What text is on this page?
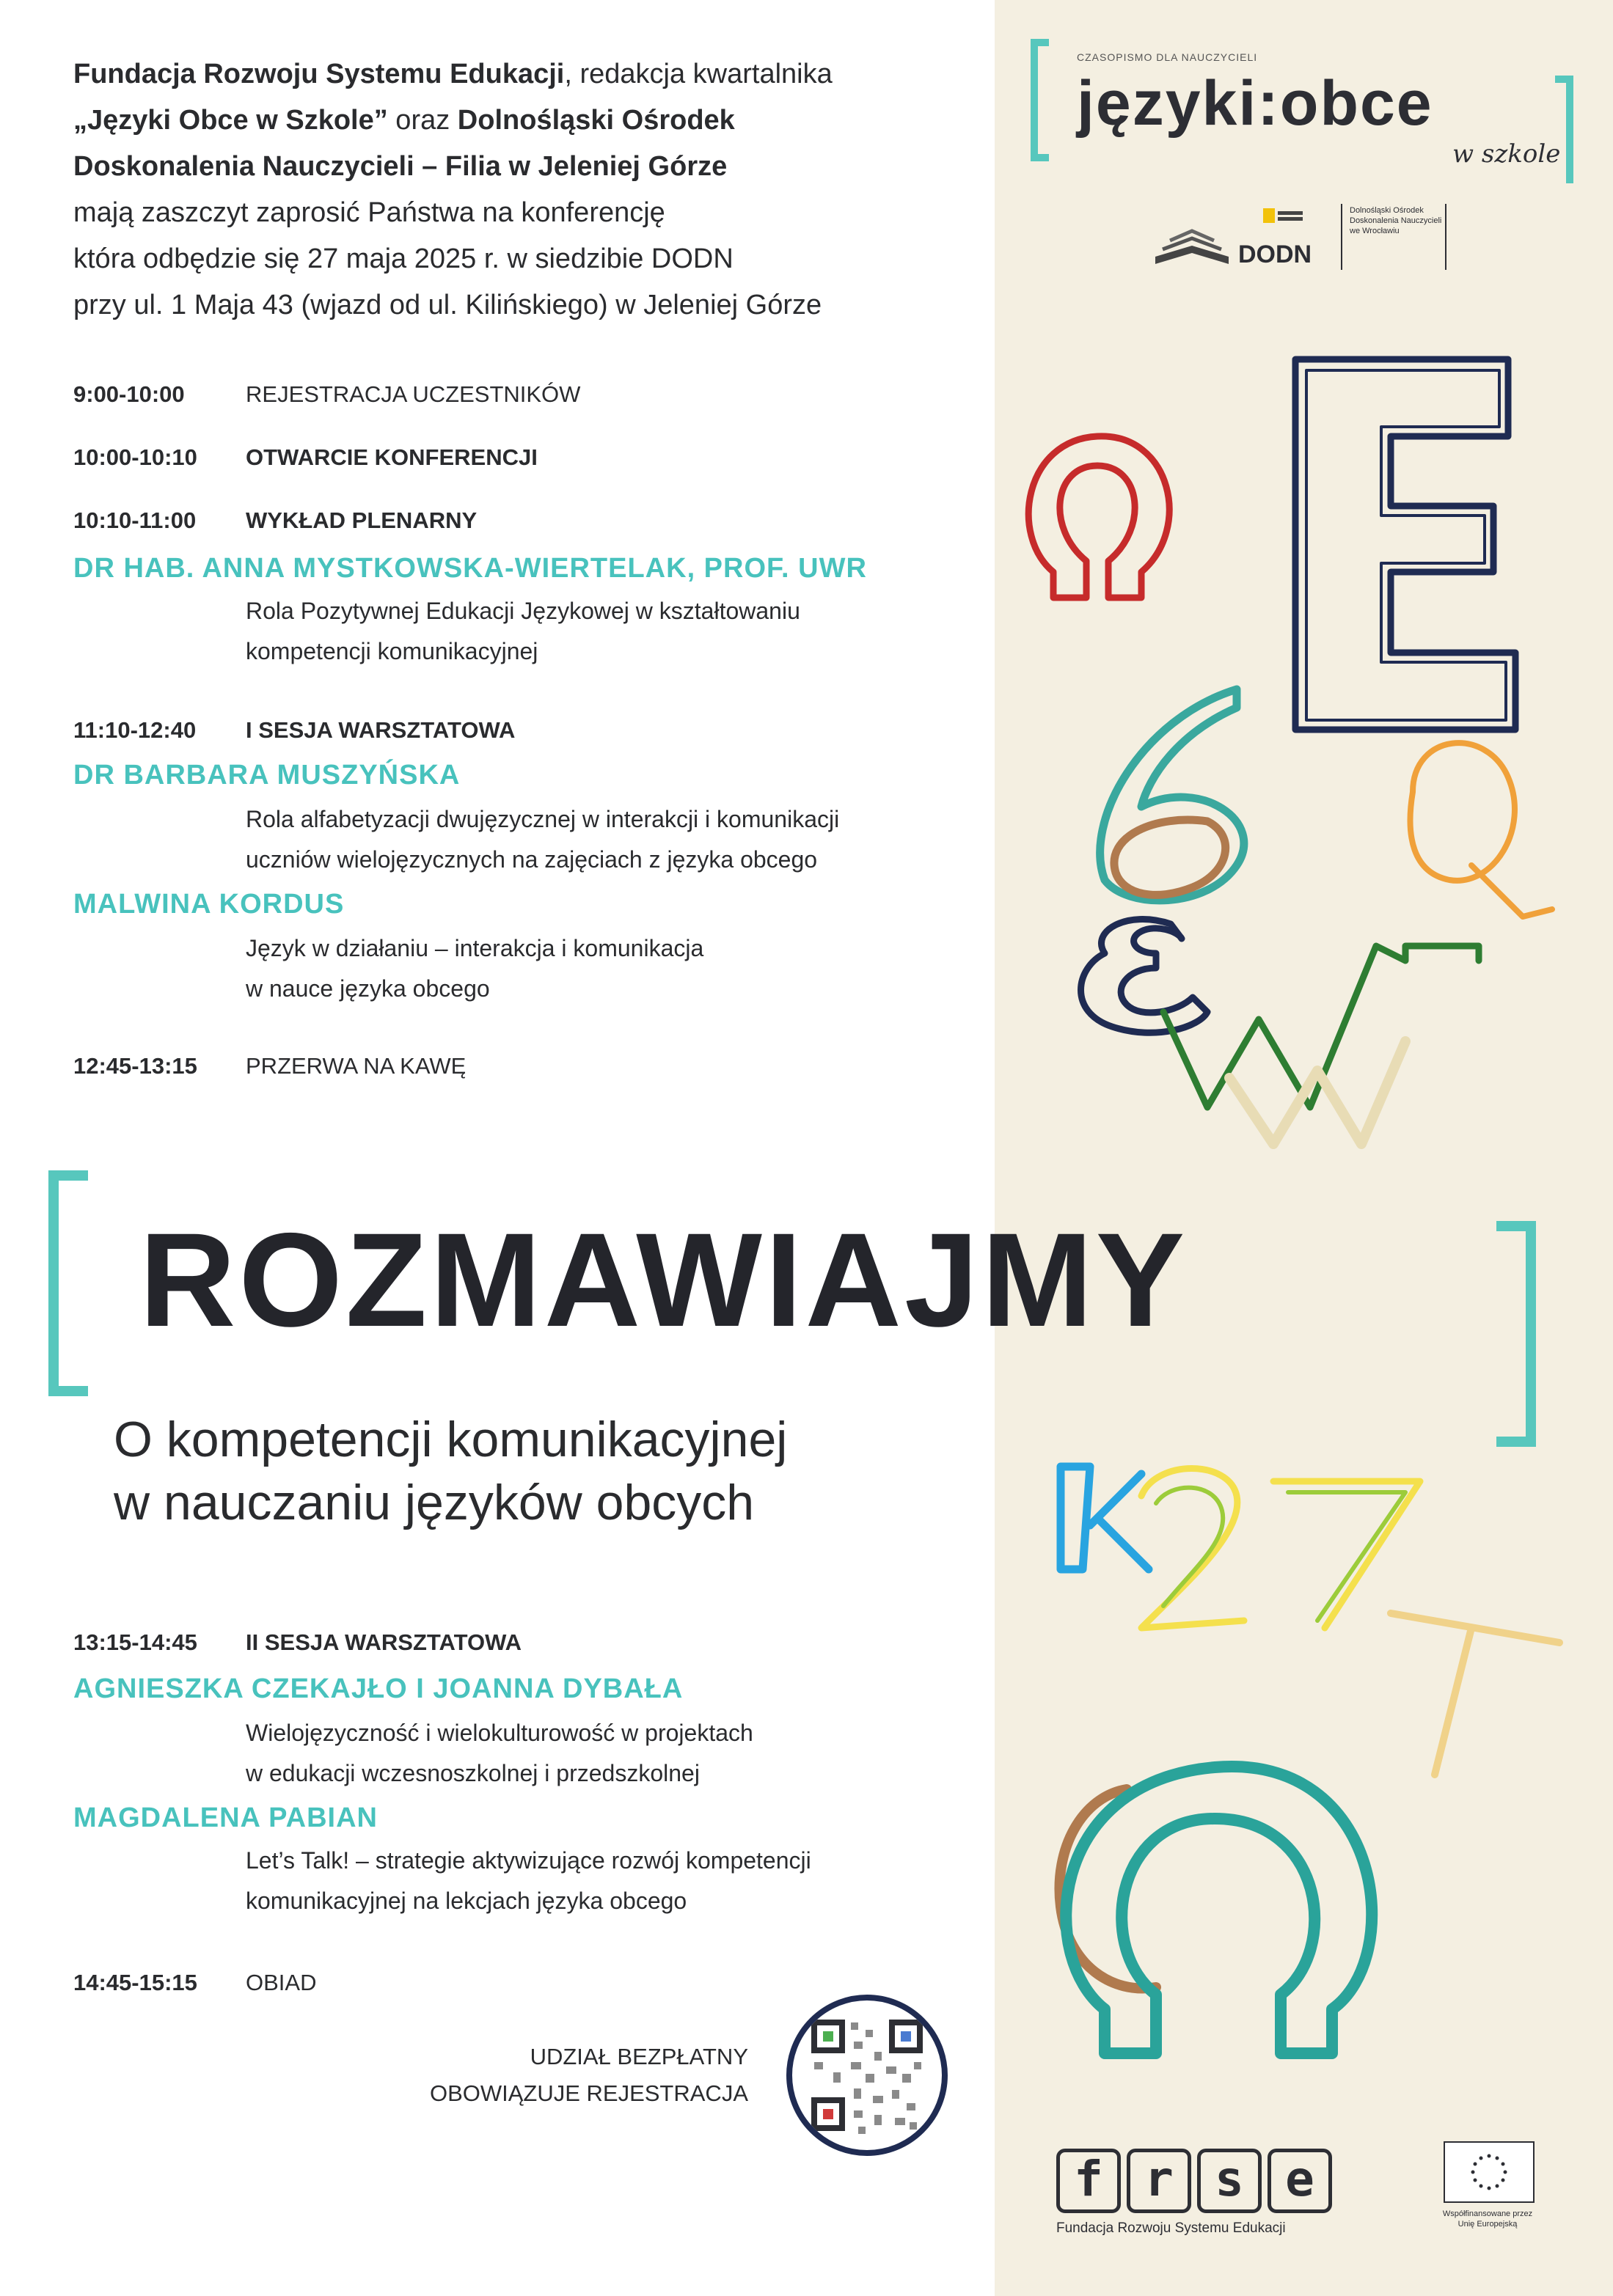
Fundacja Rozwoju Systemu Edukacji, redakcja kwartalnika
„Języki Obce w Szkole” oraz Dolnośląski Ośrodek
Doskonalenia Nauczycieli – Filia w Jeleniej Górze
mają zaszczyt zaprosić Państwa na konferencję
która odbędzie się 27 maja 2025 r. w siedzibie DODN
przy ul. 1 Maja 43 (wjazd od ul. Kilińskiego) w Jeleniej Górze
9:00-10:00	REJESTRACJA UCZESTNIKÓW
10:00-10:10 OTWARCIE KONFERENCJI
10:10-11:00 WYKŁAD PLENARNY
DR HAB. ANNA MYSTKOWSKA-WIERTELAK, PROF. UWR
Rola Pozytywnej Edukacji Językowej w kształtowaniu
kompetencji komunikacyjnej
11:10-12:40 I SESJA WARSZTATOWA
DR BARBARA MUSZYŃSKA
Rola alfabetyzacji dwujęzycznej w interakcji i komunikacji
uczniów wielojęzycznych na zajęciach z języka obcego
MALWINA KORDUS
Język w działaniu – interakcja i komunikacja
w nauce języka obcego
12:45-13:15 PRZERWA NA KAWĘ
ROZMAWIAJMY
O kompetencji komunikacyjnej
w nauczaniu języków obcych
13:15-14:45 II SESJA WARSZTATOWA
AGNIESZKA CZEKAJŁO I JOANNA DYBAŁA
Wielojęzyczność i wielokulturowość w projektach
w edukacji wczesnoszkolnej i przedszkolnej
MAGDALENA PABIAN
Let’s Talk! – strategie aktywizujące rozwój kompetencji
komunikacyjnej na lekcjach języka obcego
14:45-15:15 OBIAD
UDZIAŁ BEZPŁATNY
OBOWIĄZUJE REJESTRACJA
CZASOPISMO DLA NAUCZYCIELI
języki:obce
w szkole
DODN
Dolnośląski Ośrodek Doskonalenia Nauczycieli we Wrocławiu
f r s e
Fundacja Rozwoju Systemu Edukacji
Współfinansowane przez Unię Europejską
